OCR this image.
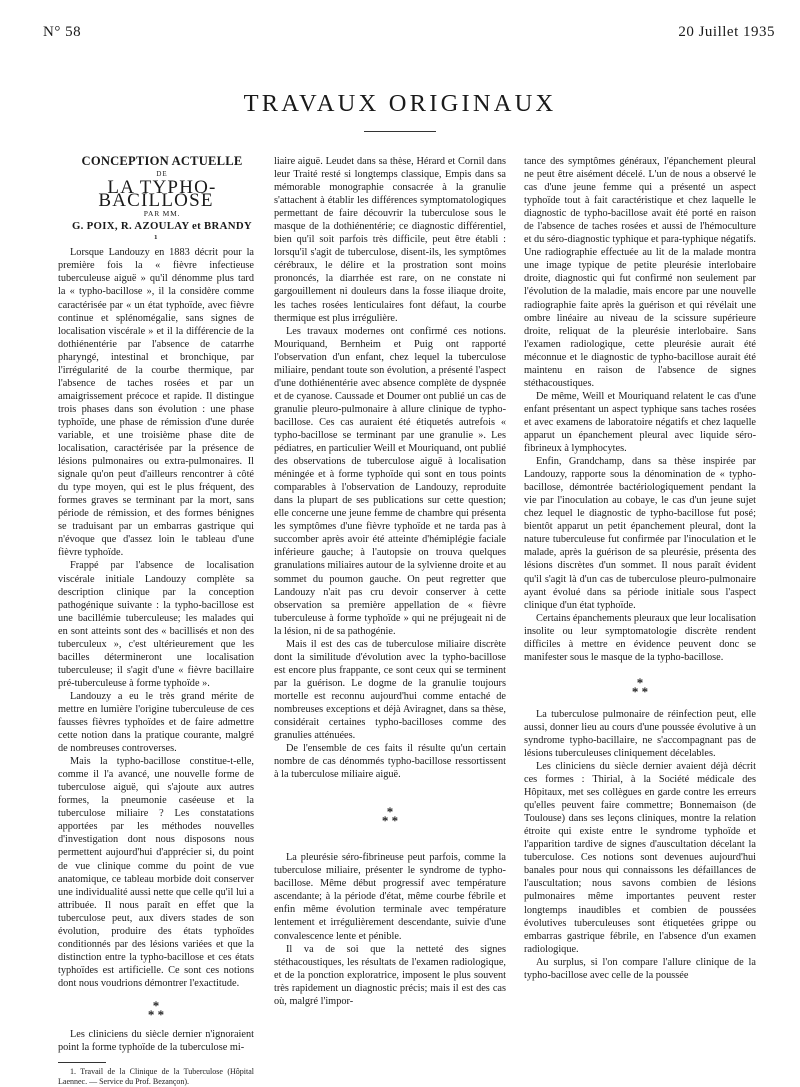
N° 58	20 Juillet 1935
TRAVAUX ORIGINAUX

CONCEPTION ACTUELLE

DE

LA TYPHO-BACILLOSE

PAR MM.

G. POIX, R. AZOULAY et BRANDY ¹

Lorsque Landouzy en 1883 décrit pour la première fois la « fièvre infectieuse tuberculeuse aiguë » qu'il dénomme plus tard la « typho-bacillose », il la considère comme caractérisée par « un état typhoïde, avec fièvre continue et splénomégalie, sans signes de localisation viscérale » et il la différencie de la dothiénentérie par l'absence de catarrhe pharyngé, intestinal et bronchique, par l'irrégularité de la courbe thermique, par l'absence de taches rosées et par un amaigrissement précoce et rapide. Il distingue trois phases dans son évolution : une phase typhoïde, une phase de rémission d'une durée variable, et une troisième phase dite de localisation, caractérisée par la présence de lésions pulmonaires ou extra-pulmonaires. Il signale qu'on peut d'ailleurs rencontrer à côté du type moyen, qui est le plus fréquent, des formes graves se terminant par la mort, sans période de rémission, et des formes bénignes se traduisant par un embarras gastrique qui n'évoque que d'assez loin le tableau d'une fièvre typhoïde.

Frappé par l'absence de localisation viscérale initiale Landouzy complète sa description clinique par la conception pathogénique suivante : la typho-bacillose est une bacillémie tuberculeuse; les malades qui en sont atteints sont des « bacillisés et non des tuberculeux », c'est ultérieurement que les bacilles détermineront une localisation tuberculeuse; il s'agit d'une « fièvre bacillaire pré-tuberculeuse à forme typhoïde ».

Landouzy a eu le très grand mérite de mettre en lumière l'origine tuberculeuse de ces fausses fièvres typhoïdes et de faire admettre cette notion dans la pratique courante, malgré de nombreuses controverses.

Mais la typho-bacillose constitue-t-elle, comme il l'a avancé, une nouvelle forme de tuberculose aiguë, qui s'ajoute aux autres formes, la pneumonie caséeuse et la tuberculose miliaire ? Les constatations apportées par les méthodes nouvelles d'investigation dont nous disposons nous permettent aujourd'hui d'apprécier si, du point de vue clinique comme du point de vue anatomique, ce tableau morbide doit conserver une individualité aussi nette que celle qu'il lui a attribuée. Il nous paraît en effet que la tuberculose peut, aux divers stades de son évolution, produire des états typhoïdes conditionnés par des lésions variées et que la distinction entre la typho-bacillose et ces états typhoïdes est artificielle. Ce sont ces notions dont nous voudrions démontrer l'exactitude.

*
* *

Les cliniciens du siècle dernier n'ignoraient point la forme typhoïde de la tuberculose mi-

1. Travail de la Clinique de la Tuberculose (Hôpital Laennec. — Service du Prof. Bezançon).

liaire aiguë. Leudet dans sa thèse, Hérard et Cornil dans leur Traité resté si longtemps classique, Empis dans sa mémorable monographie consacrée à la granulie s'attachent à établir les différences symptomatologiques permettant de faire découvrir la tuberculose sous le masque de la dothiénentérie; ce diagnostic différentiel, bien qu'il soit parfois très difficile, peut être établi : lorsqu'il s'agit de tuberculose, disent-ils, les symptômes cérébraux, le délire et la prostration sont moins prononcés, la diarrhée est rare, on ne constate ni gargouillement ni douleurs dans la fosse iliaque droite, les taches rosées lenticulaires font défaut, la courbe thermique est plus irrégulière.

Les travaux modernes ont confirmé ces notions. Mouriquand, Bernheim et Puig ont rapporté l'observation d'un enfant, chez lequel la tuberculose miliaire, pendant toute son évolution, a présenté l'aspect d'une dothiénentérie avec absence complète de dyspnée et de cyanose. Caussade et Doumer ont publié un cas de granulie pleuro-pulmonaire à allure clinique de typho-bacillose. Ces cas auraient été étiquetés autrefois « typho-bacillose se terminant par une granulie ». Les pédiatres, en particulier Weill et Mouriquand, ont publié des observations de tuberculose aiguë à localisation méningée et à forme typhoïde qui sont en tous points comparables à l'observation de Landouzy, reproduite dans la plupart de ses publications sur cette question; elle concerne une jeune femme de chambre qui présenta les symptômes d'une fièvre typhoïde et ne tarda pas à succomber après avoir été atteinte d'hémiplégie faciale inférieure gauche; à l'autopsie on trouva quelques granulations miliaires autour de la sylvienne droite et au sommet du poumon gauche. On peut regretter que Landouzy n'ait pas cru devoir conserver à cette observation sa première appellation de « fièvre tuberculeuse à forme typhoïde » qui ne préjugeait ni de la lésion, ni de sa pathogénie.

Mais il est des cas de tuberculose miliaire discrète dont la similitude d'évolution avec la typho-bacillose est encore plus frappante, ce sont ceux qui se terminent par la guérison. Le dogme de la granulie toujours mortelle est reconnu aujourd'hui comme entaché de nombreuses exceptions et déjà Aviragnet, dans sa thèse, considérait certaines typho-bacilloses comme des granulies atténuées.

De l'ensemble de ces faits il résulte qu'un certain nombre de cas dénommés typho-bacillose ressortissent à la tuberculose miliaire aiguë.

*
* *

La pleurésie séro-fibrineuse peut parfois, comme la tuberculose miliaire, présenter le syndrome de typho-bacillose. Même début progressif avec température ascendante; à la période d'état, même courbe fébrile et enfin même évolution terminale avec température lentement et irrégulièrement descendante, suivie d'une convalescence lente et pénible.

Il va de soi que la netteté des signes stéthacoustiques, les résultats de l'examen radiologique, et de la ponction exploratrice, imposent le plus souvent très rapidement un diagnostic précis; mais il est des cas où, malgré l'impor-

tance des symptômes généraux, l'épanchement pleural ne peut être aisément décelé. L'un de nous a observé le cas d'une jeune femme qui a présenté un aspect typhoïde tout à fait caractéristique et chez laquelle le diagnostic de typho-bacillose avait été porté en raison de l'absence de taches rosées et aussi de l'hémoculture et du séro-diagnostic typhique et para-typhique négatifs. Une radiographie effectuée au lit de la malade montra une image typique de petite pleurésie interlobaire droite, diagnostic qui fut confirmé non seulement par l'évolution de la maladie, mais encore par une nouvelle radiographie faite après la guérison et qui révélait une ombre linéaire au niveau de la scissure supérieure droite, reliquat de la pleurésie interlobaire. Sans l'examen radiologique, cette pleurésie aurait été méconnue et le diagnostic de typho-bacillose aurait été maintenu en raison de l'absence de signes stéthacoustiques.

De même, Weill et Mouriquand relatent le cas d'une enfant présentant un aspect typhique sans taches rosées et avec examens de laboratoire négatifs et chez laquelle apparut un épanchement pleural avec liquide séro-fibrineux à lymphocytes.

Enfin, Grandchamp, dans sa thèse inspirée par Landouzy, rapporte sous la dénomination de « typho-bacillose, démontrée bactériologiquement pendant la vie par l'inoculation au cobaye, le cas d'un jeune sujet chez lequel le diagnostic de typho-bacillose fut posé; bientôt apparut un petit épanchement pleural, dont la nature tuberculeuse fut confirmée par l'inoculation et le malade, après la guérison de sa pleurésie, présenta des lésions discrètes d'un sommet. Il nous paraît évident qu'il s'agit là d'un cas de tuberculose pleuro-pulmonaire ayant évolué dans sa période initiale sous l'aspect clinique d'un état typhoïde.

Certains épanchements pleuraux que leur localisation insolite ou leur symptomatologie discrète rendent difficiles à mettre en évidence peuvent donc se manifester sous le masque de la typho-bacillose.

*
* *

La tuberculose pulmonaire de réinfection peut, elle aussi, donner lieu au cours d'une poussée évolutive à un syndrome typho-bacillaire, ne s'accompagnant pas de lésions tuberculeuses cliniquement décelables.

Les cliniciens du siècle dernier avaient déjà décrit ces formes : Thirial, à la Société médicale des Hôpitaux, met ses collègues en garde contre les erreurs qu'elles peuvent faire commettre; Bonnemaison (de Toulouse) dans ses leçons cliniques, montre la relation étroite qui existe entre le syndrome typhoïde et l'apparition tardive de signes d'auscultation décelant la tuberculose. Ces notions sont devenues aujourd'hui banales pour nous qui connaissons les défaillances de l'auscultation; nous savons combien de lésions pulmonaires même importantes peuvent rester longtemps inaudibles et combien de poussées évolutives tuberculeuses sont étiquetées grippe ou embarras gastrique fébrile, en l'absence d'un examen radiologique.

Au surplus, si l'on compare l'allure clinique de la typho-bacillose avec celle de la poussée
